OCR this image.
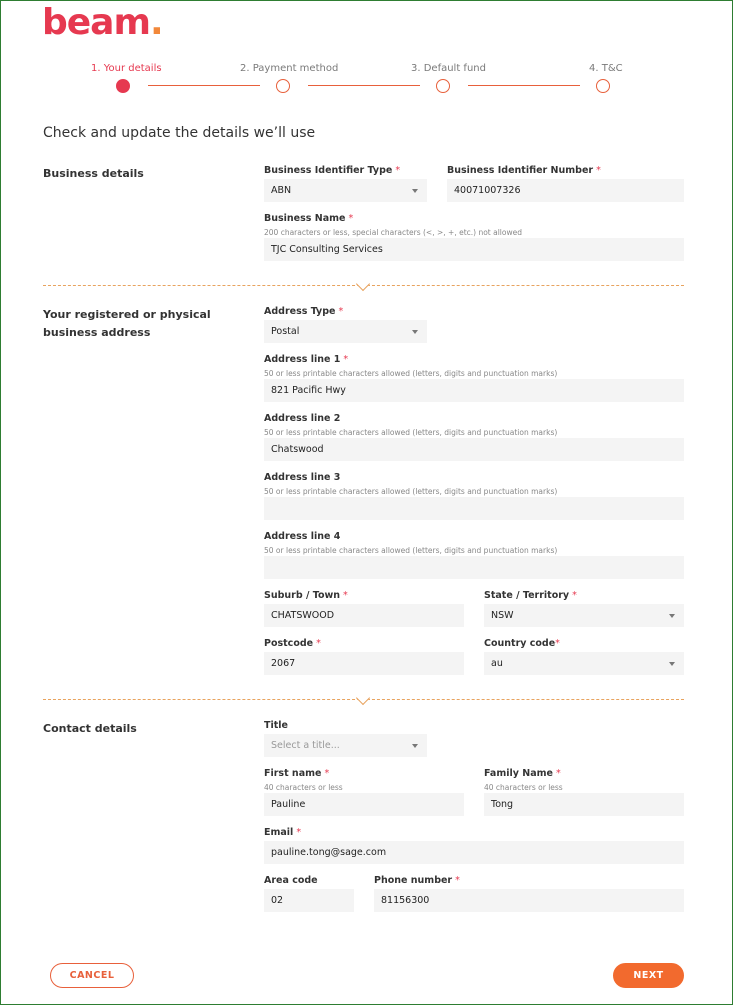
beam.
1. Your details	2. Payment method	3. Default fund	4. T&C
Check and update the details we’ll use
Business details	Business Identifier Type *
ABN
Business Identifier Number *
40071007326
Business Name *
200 characters or less, special characters (<, >, +, etc.) not allowed
TJC Consulting Services
Your registered or physical business address
Address Type *
Postal
Address line 1 *
50 or less printable characters allowed (letters, digits and punctuation marks)
821 Pacific Hwy
Address line 2
50 or less printable characters allowed (letters, digits and punctuation marks)
Chatswood
Address line 3
50 or less printable characters allowed (letters, digits and punctuation marks)
Address line 4
50 or less printable characters allowed (letters, digits and punctuation marks)
Suburb / Town *
CHATSWOOD
State / Territory *
NSW
Postcode *
2067
Country code*
au
Contact details	Title
Select a title...
First name *
40 characters or less
Pauline
Family Name *
40 characters or less
Tong
Email *
pauline.tong@sage.com
Area code
02
Phone number *
81156300
CANCEL	NEXT
